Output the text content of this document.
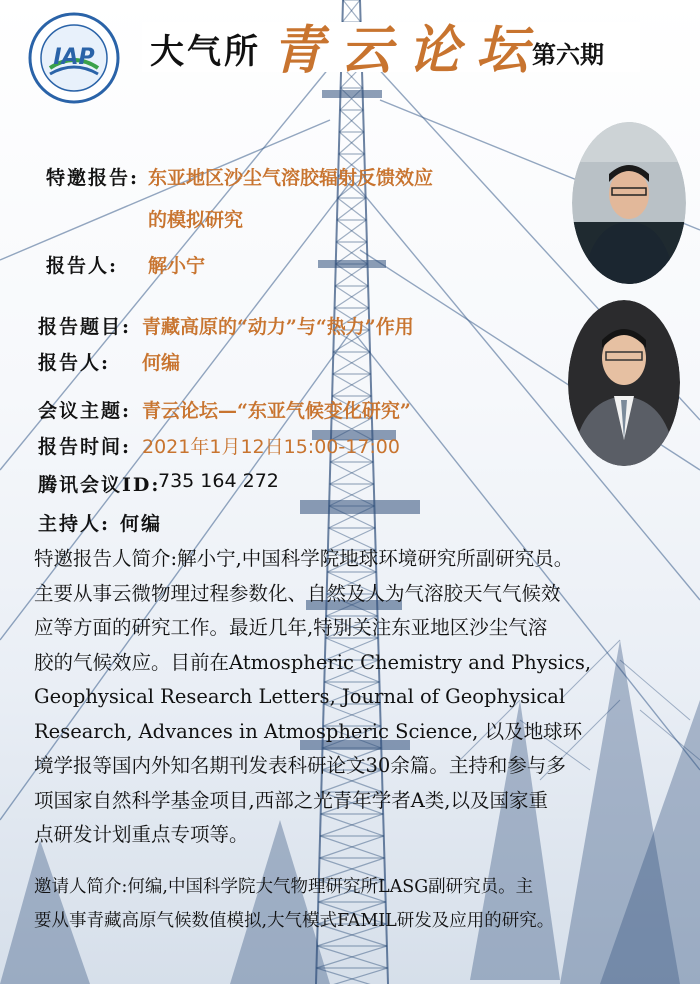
IAP 大气所 青云论坛
第六期
特邀报告: 东亚地区沙尘气溶胶辐射反馈效应
的模拟研究
报告人: 解小宁
报告题目: 青藏高原的“动力”与“热力”作用
报告人: 何编
会议主题: 青云论坛—“东亚气候变化研究”
报告时间: 2021年1月12日15:00-17:00
腾讯会议ID:
735 164 272
主持人: 何编
特邀报告人简介:解小宁,中国科学院地球环境研究所副研究员。
主要从事云微物理过程参数化、自然及人为气溶胶天气气候效
应等方面的研究工作。最近几年,特别关注东亚地区沙尘气溶
胶的气候效应。目前在Atmospheric Chemistry and Physics,
Geophysical Research Letters, Journal of Geophysical
Research, Advances in Atmospheric Science, 以及地球环
境学报等国内外知名期刊发表科研论文30余篇。主持和参与多
项国家自然科学基金项目,西部之光青年学者A类,以及国家重
点研发计划重点专项等。
邀请人简介:何编,中国科学院大气物理研究所LASG副研究员。主
要从事青藏高原气候数值模拟,大气模式FAMIL研发及应用的研究。
